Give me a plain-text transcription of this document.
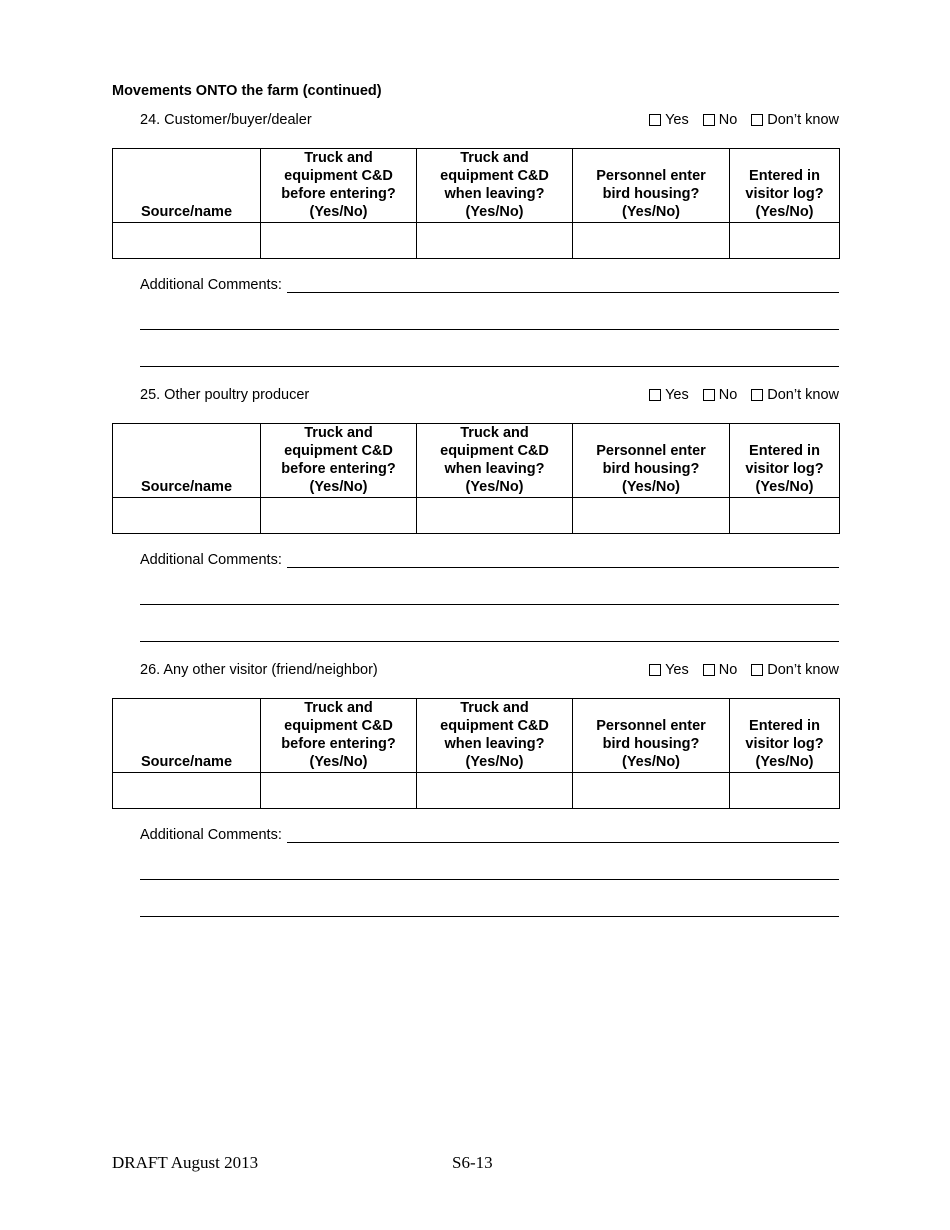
Movements ONTO the farm (continued)
24. Customer/buyer/dealer	Yes No Don’t know
Source/name	Truck and
equipment C&D
before entering?
(Yes/No)	Truck and
equipment C&D
when leaving?
(Yes/No)	Personnel enter
bird housing?
(Yes/No)	Entered in
visitor log?
(Yes/No)

Additional Comments:
25. Other poultry producer	Yes No Don’t know
Source/name	Truck and
equipment C&D
before entering?
(Yes/No)	Truck and
equipment C&D
when leaving?
(Yes/No)	Personnel enter
bird housing?
(Yes/No)	Entered in
visitor log?
(Yes/No)

Additional Comments:
26. Any other visitor (friend/neighbor)	Yes No Don’t know
Source/name	Truck and
equipment C&D
before entering?
(Yes/No)	Truck and
equipment C&D
when leaving?
(Yes/No)	Personnel enter
bird housing?
(Yes/No)	Entered in
visitor log?
(Yes/No)

Additional Comments:
DRAFT August 2013	S6-13
